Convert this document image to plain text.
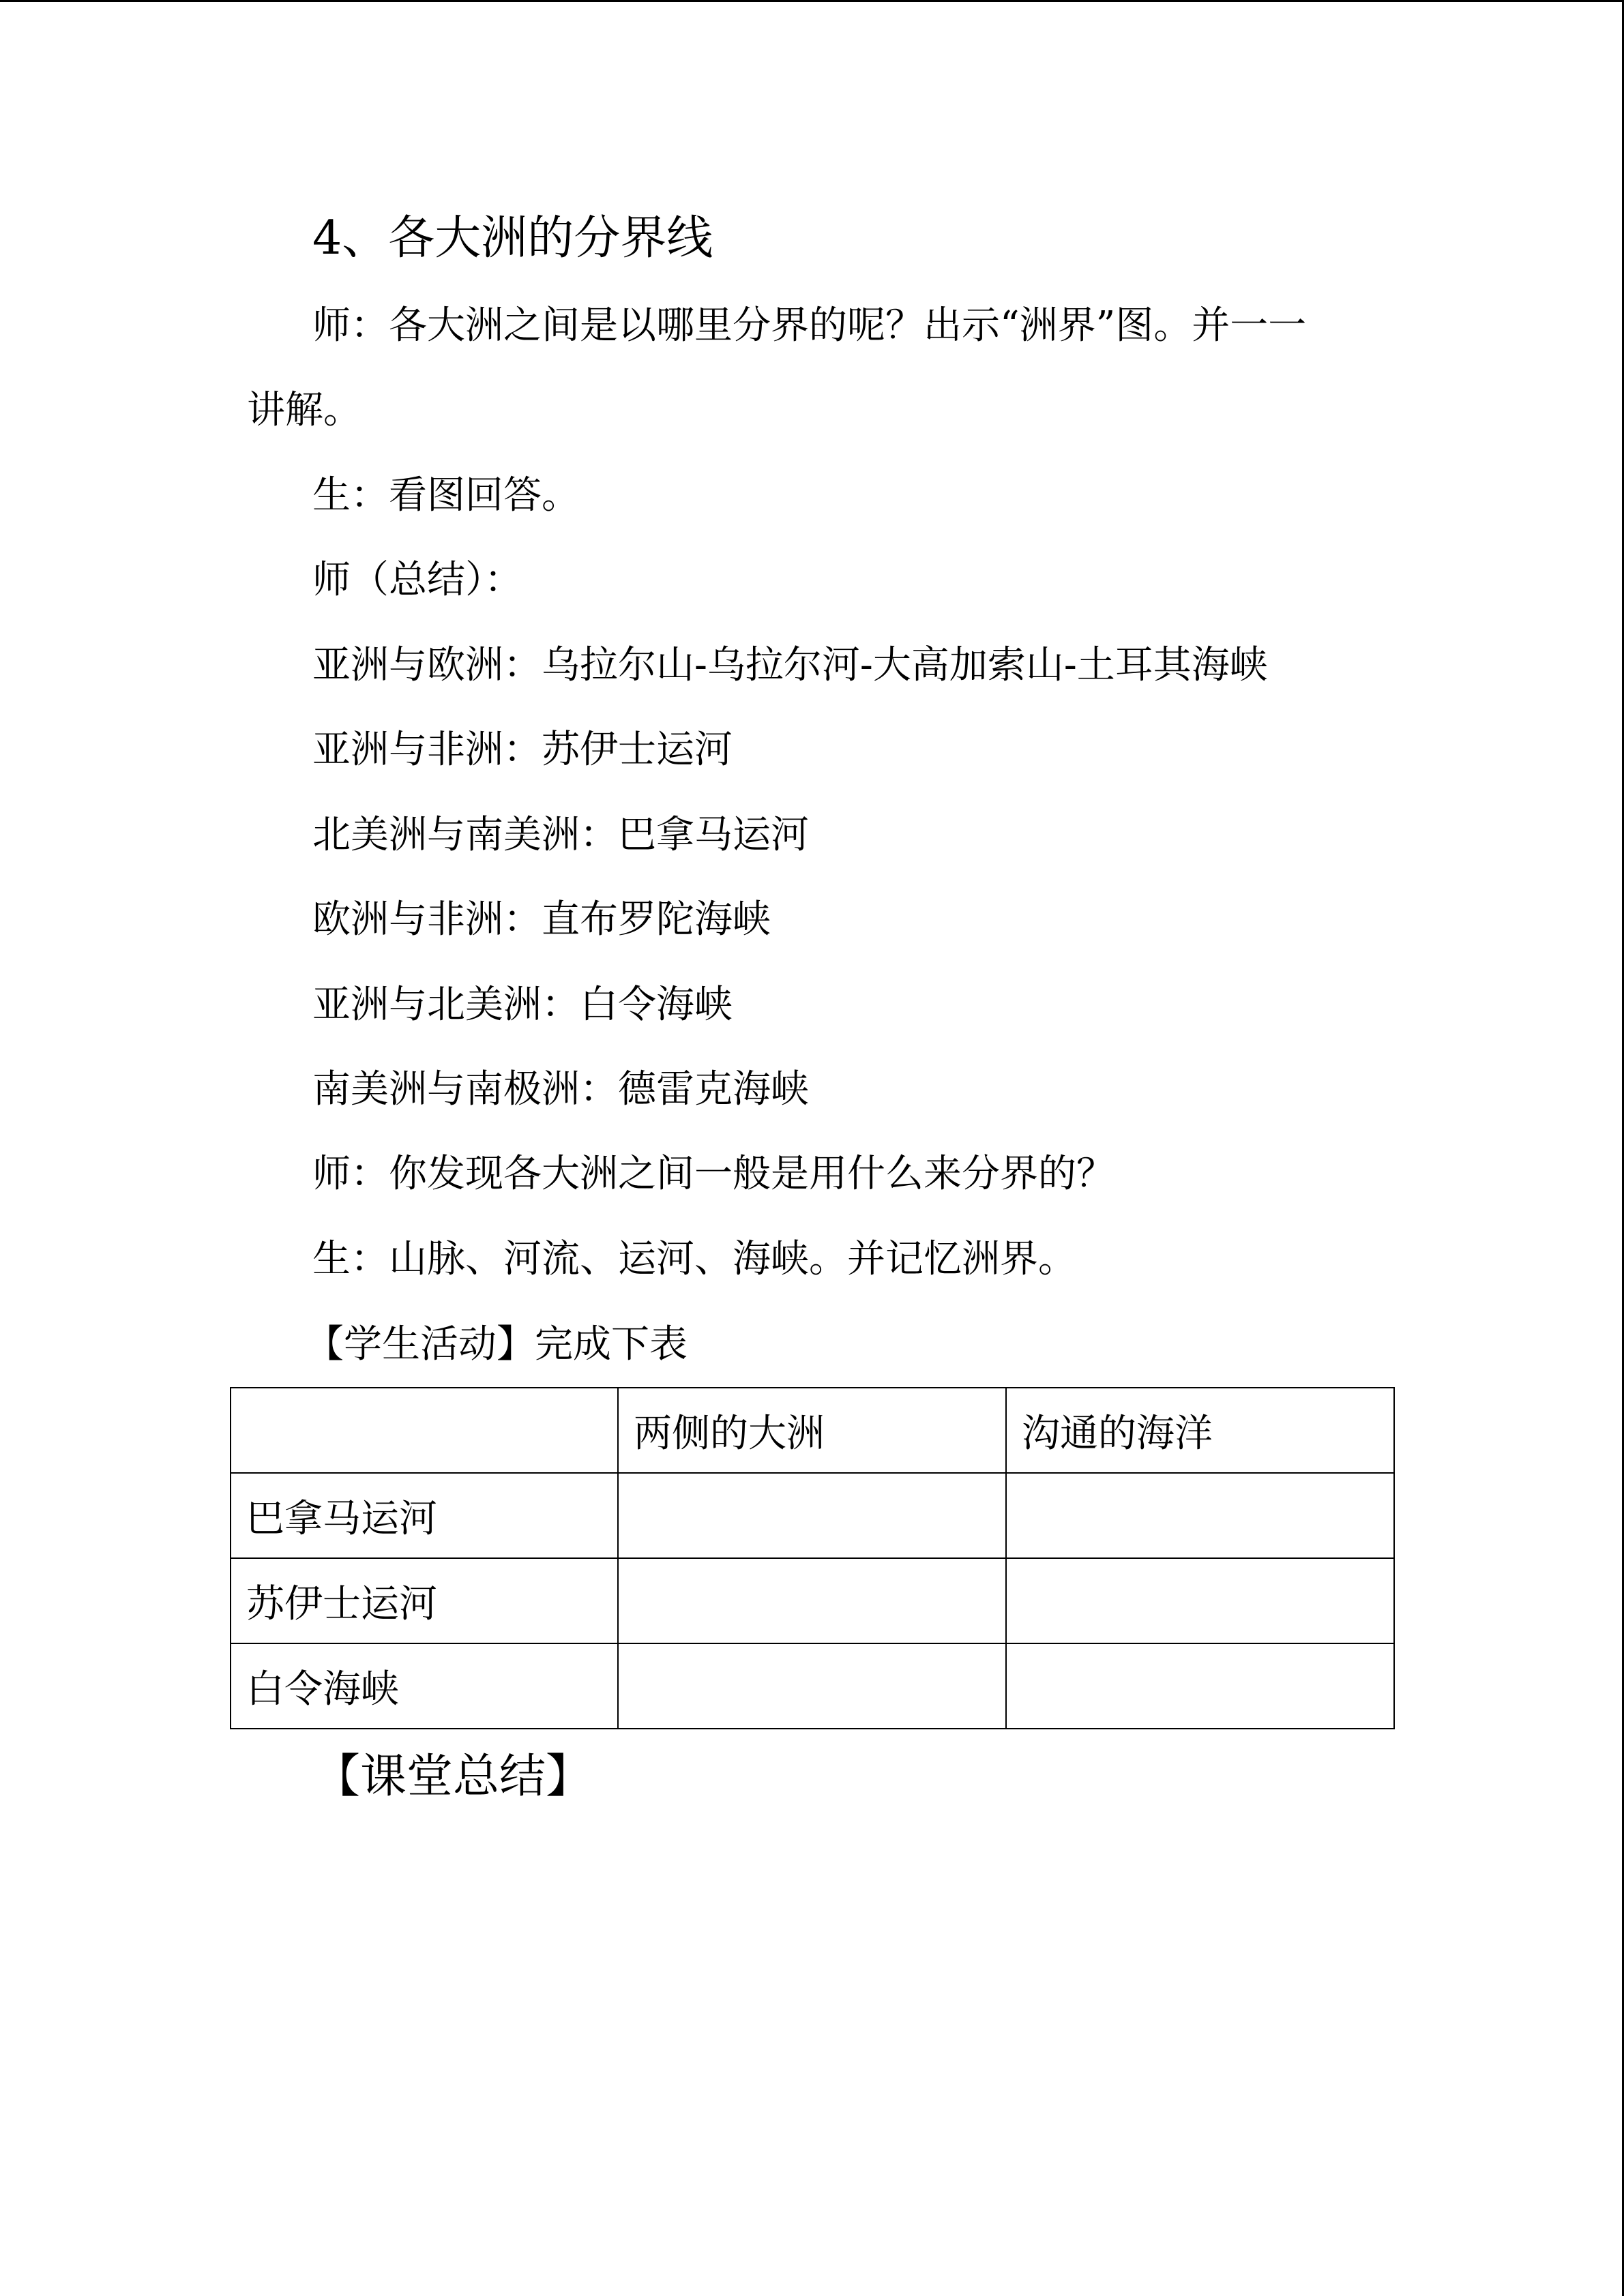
4、各大洲的分界线
师：各大洲之间是以哪里分界的呢？出示“洲界”图。并一一
讲解。
生：看图回答。
师（总结）：
亚洲与欧洲：乌拉尔山-乌拉尔河-大高加索山-土耳其海峡
亚洲与非洲：苏伊士运河
北美洲与南美洲：巴拿马运河
欧洲与非洲：直布罗陀海峡
亚洲与北美洲：白令海峡
南美洲与南极洲：德雷克海峡
师：你发现各大洲之间一般是用什么来分界的？
生：山脉、河流、运河、海峡。并记忆洲界。
【学生活动】完成下表
	两侧的大洲	沟通的海洋
巴拿马运河		
苏伊士运河		
白令海峡		
【课堂总结】
